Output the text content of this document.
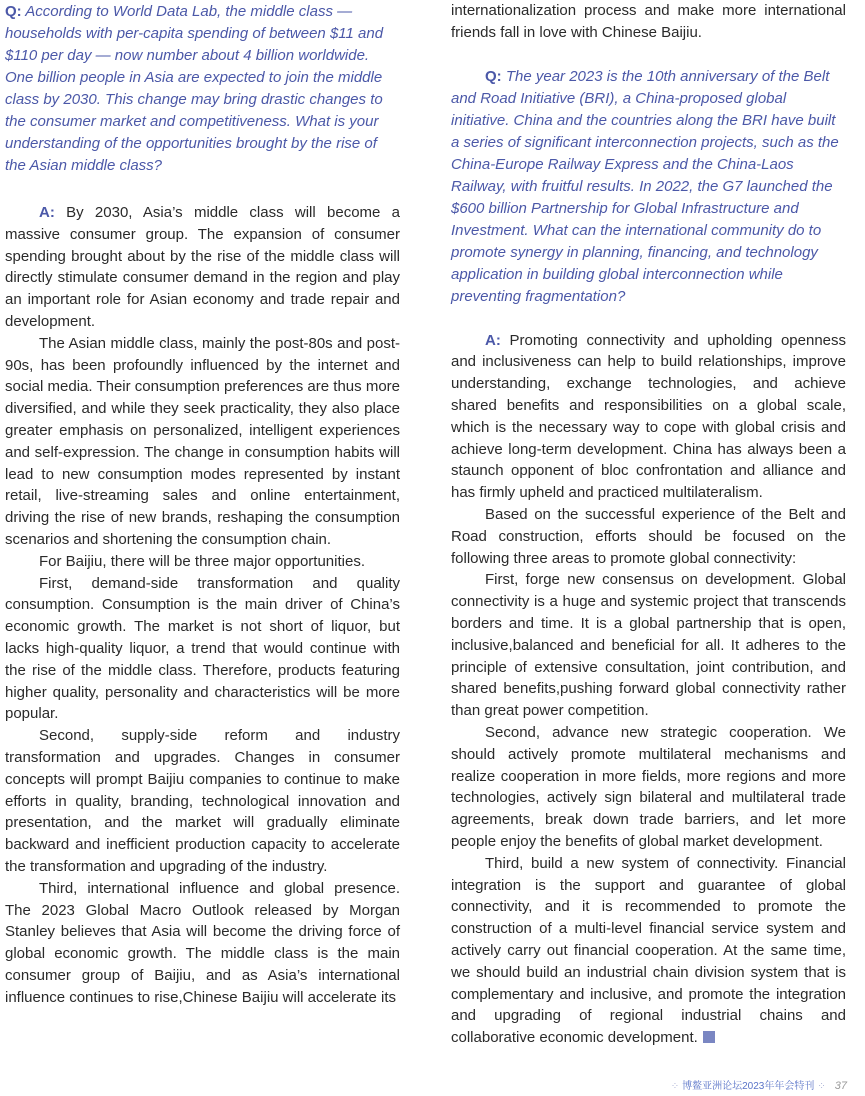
Q: According to World Data Lab, the middle class — households with per-capita spending of between $11 and $110 per day — now number about 4 billion worldwide. One billion people in Asia are expected to join the middle class by 2030. This change may bring drastic changes to the consumer market and competitiveness. What is your understanding of the opportunities brought by the rise of the Asian middle class?

A: By 2030, Asia’s middle class will become a massive consumer group. The expansion of consumer spending brought about by the rise of the middle class will directly stimulate consumer demand in the region and play an important role for Asian economy and trade repair and development.

The Asian middle class, mainly the post-80s and post-90s, has been profoundly influenced by the internet and social media. Their consumption preferences are thus more diversified, and while they seek practicality, they also place greater emphasis on personalized, intelligent experiences and self-expression. The change in consumption habits will lead to new consumption modes represented by instant retail, live-streaming sales and online entertainment, driving the rise of new brands, reshaping the consumption scenarios and shortening the consumption chain.

For Baijiu, there will be three major opportunities.

First, demand-side transformation and quality consumption. Consumption is the main driver of China’s economic growth. The market is not short of liquor, but lacks high-quality liquor, a trend that would continue with the rise of the middle class. Therefore, products featuring higher quality, personality and characteristics will be more popular.

Second, supply-side reform and industry transformation and upgrades. Changes in consumer concepts will prompt Baijiu companies to continue to make efforts in quality, branding, technological innovation and presentation, and the market will gradually eliminate backward and inefficient production capacity to accelerate the transformation and upgrading of the industry.

Third, international influence and global presence. The 2023 Global Macro Outlook released by Morgan Stanley believes that Asia will become the driving force of global economic growth. The middle class is the main consumer group of Baijiu, and as Asia’s international influence continues to rise,Chinese Baijiu will accelerate its

internationalization process and make more international friends fall in love with Chinese Baijiu.

Q: The year 2023 is the 10th anniversary of the Belt and Road Initiative (BRI), a China-proposed global initiative. China and the countries along the BRI have built a series of significant interconnection projects, such as the China-Europe Railway Express and the China-Laos Railway, with fruitful results. In 2022, the G7 launched the $600 billion Partnership for Global Infrastructure and Investment. What can the international community do to promote synergy in planning, financing, and technology application in building global interconnection while preventing fragmentation?

A: Promoting connectivity and upholding openness and inclusiveness can help to build relationships, improve understanding, exchange technologies, and achieve shared benefits and responsibilities on a global scale, which is the necessary way to cope with global crisis and achieve long-term development. China has always been a staunch opponent of bloc confrontation and alliance and has firmly upheld and practiced multilateralism.

Based on the successful experience of the Belt and Road construction, efforts should be focused on the following three areas to promote global connectivity:

First, forge new consensus on development. Global connectivity is a huge and systemic project that transcends borders and time. It is a global partnership that is open, inclusive,balanced and beneficial for all. It adheres to the principle of extensive consultation, joint contribution, and shared benefits,pushing forward global connectivity rather than great power competition.

Second, advance new strategic cooperation. We should actively promote multilateral mechanisms and realize cooperation in more fields, more regions and more technologies, actively sign bilateral and multilateral trade agreements, break down trade barriers, and let more people enjoy the benefits of global market development.

Third, build a new system of connectivity. Financial integration is the support and guarantee of global connectivity, and it is recommended to promote the construction of a multi-level financial service system and actively carry out financial cooperation. At the same time, we should build an industrial chain division system that is complementary and inclusive, and promote the integration and upgrading of regional industrial chains and collaborative economic development.

⁘ 博鳌亚洲论坛2023年年会特刊 ⁘ 37
